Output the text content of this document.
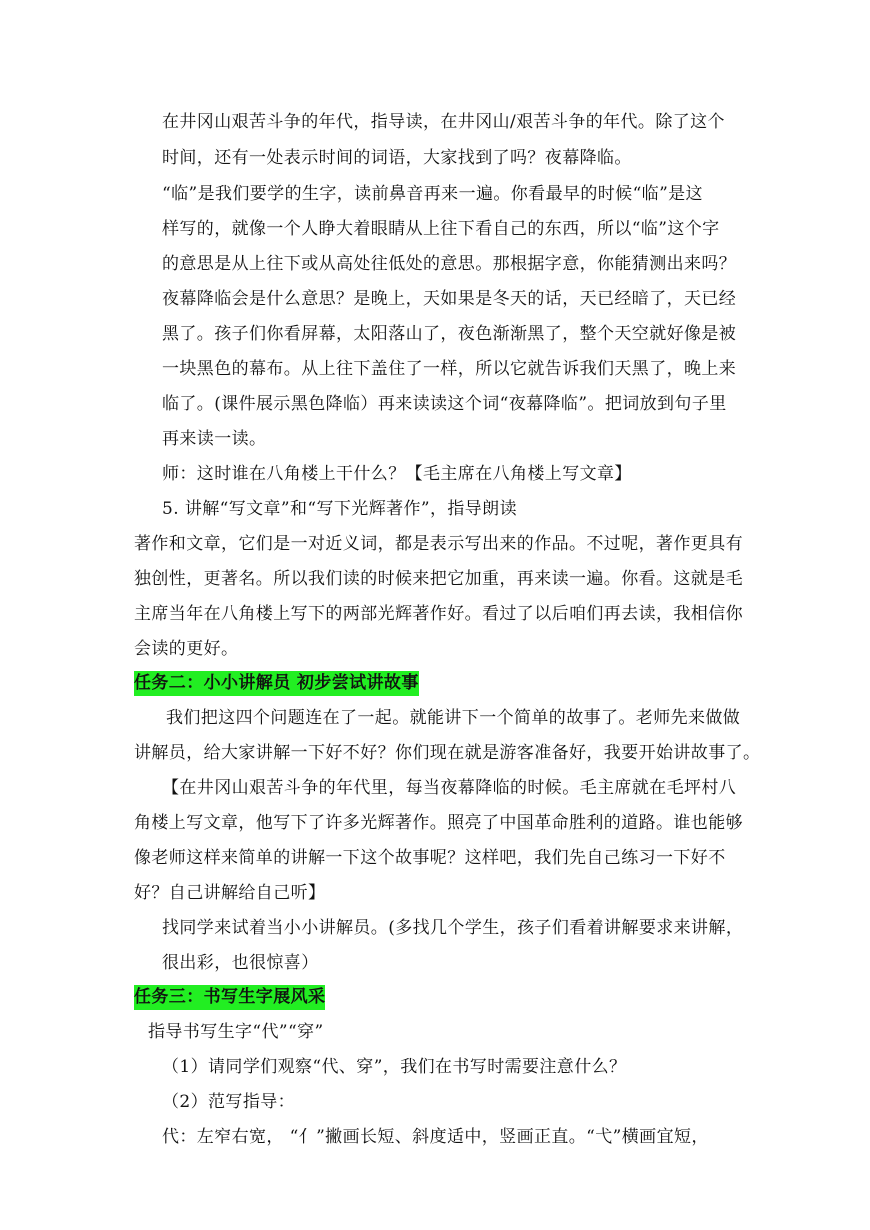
在井冈山艰苦斗争的年代，指导读，在井冈山/艰苦斗争的年代。除了这个
时间，还有一处表示时间的词语，大家找到了吗？夜幕降临。
“临”是我们要学的生字，读前鼻音再来一遍。你看最早的时候“临”是这
样写的，就像一个人睁大着眼睛从上往下看自己的东西，所以“临”这个字
的意思是从上往下或从高处往低处的意思。那根据字意，你能猜测出来吗？
夜幕降临会是什么意思？是晚上，天如果是冬天的话，天已经暗了，天已经
黑了。孩子们你看屏幕，太阳落山了，夜色渐渐黑了，整个天空就好像是被
一块黑色的幕布。从上往下盖住了一样，所以它就告诉我们天黑了，晚上来
临了。(课件展示黑色降临）再来读读这个词“夜幕降临”。把词放到句子里
再来读一读。
师：这时谁在八角楼上干什么？【毛主席在八角楼上写文章】
5. 讲解“写文章”和“写下光辉著作”，指导朗读
著作和文章，它们是一对近义词，都是表示写出来的作品。不过呢，著作更具有
独创性，更著名。所以我们读的时候来把它加重，再来读一遍。你看。这就是毛
主席当年在八角楼上写下的两部光辉著作好。看过了以后咱们再去读，我相信你
会读的更好。
任务二：小小讲解员 初步尝试讲故事
我们把这四个问题连在了一起。就能讲下一个简单的故事了。老师先来做做
讲解员，给大家讲解一下好不好？你们现在就是游客准备好，我要开始讲故事了。
【在井冈山艰苦斗争的年代里，每当夜幕降临的时候。毛主席就在毛坪村八
角楼上写文章，他写下了许多光辉著作。照亮了中国革命胜利的道路。谁也能够
像老师这样来简单的讲解一下这个故事呢？这样吧，我们先自己练习一下好不
好？自己讲解给自己听】
找同学来试着当小小讲解员。(多找几个学生，孩子们看着讲解要求来讲解，
很出彩，也很惊喜）
任务三：书写生字展风采
指导书写生字“代”“穿”
（1）请同学们观察“代、穿”，我们在书写时需要注意什么？
（2）范写指导：
代：左窄右宽， “亻”撇画长短、斜度适中，竖画正直。“弋”横画宜短，
